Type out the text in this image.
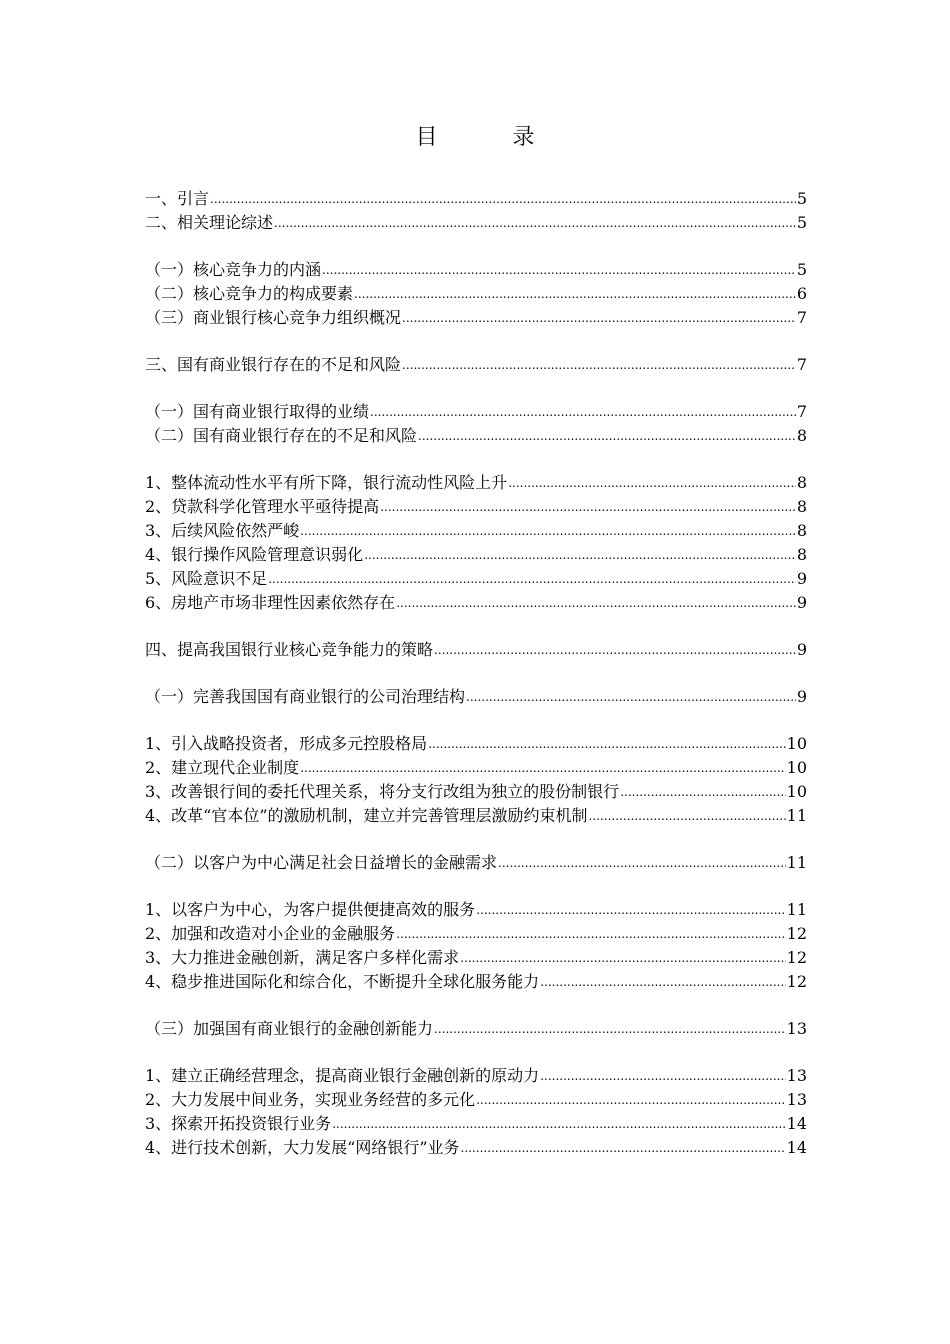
目 录
一、引言 .....	5
二、相关理论综述 .....	5
（一）核心竞争力的内涵 .....	5
（二）核心竞争力的构成要素 .....	6
（三）商业银行核心竞争力组织概况 .....	7
三、国有商业银行存在的不足和风险 .....	7
（一）国有商业银行取得的业绩 .....	7
（二）国有商业银行存在的不足和风险 .....	8
1、整体流动性水平有所下降，银行流动性风险上升 .....	8
2、贷款科学化管理水平亟待提高 .....	8
3、后续风险依然严峻 .....	8
4、银行操作风险管理意识弱化 .....	8
5、风险意识不足 .....	9
6、房地产市场非理性因素依然存在 .....	9
四、提高我国银行业核心竞争能力的策略 .....	9
（一）完善我国国有商业银行的公司治理结构 .....	9
1、引入战略投资者，形成多元控股格局 .....	10
2、建立现代企业制度 .....	10
3、改善银行间的委托代理关系，将分支行改组为独立的股份制银行 .....	10
4、改革“官本位”的激励机制，建立并完善管理层激励约束机制 .....	11
（二）以客户为中心满足社会日益增长的金融需求 .....	11
1、以客户为中心，为客户提供便捷高效的服务 .....	11
2、加强和改造对小企业的金融服务 .....	12
3、大力推进金融创新，满足客户多样化需求 .....	12
4、稳步推进国际化和综合化，不断提升全球化服务能力 .....	12
（三）加强国有商业银行的金融创新能力 .....	13
1、建立正确经营理念，提高商业银行金融创新的原动力 .....	13
2、大力发展中间业务，实现业务经营的多元化 .....	13
3、探索开拓投资银行业务 .....	14
4、进行技术创新，大力发展“网络银行”业务 .....	14
